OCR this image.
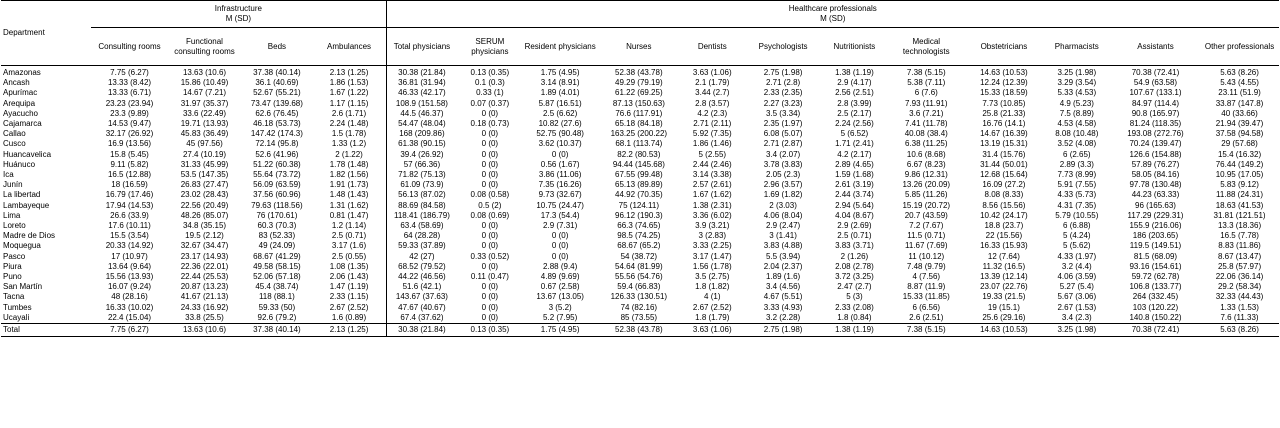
Department	Infrastructure
M (SD)				Healthcare professionals
M (SD)											
	Consulting rooms	Functional consulting rooms	Beds	Ambulances	Total physicians	SERUM physicians	Resident physicians	Nurses	Dentists	Psychologists	Nutritionists	Medical technologists	Obstetricians	Pharmacists	Assistants	Other professionals
Amazonas	7.75 (6.27)	13.63 (10.6)	37.38 (40.14)	2.13 (1.25)	30.38 (21.84)	0.13 (0.35)	1.75 (4.95)	52.38 (43.78)	3.63 (1.06)	2.75 (1.98)	1.38 (1.19)	7.38 (5.15)	14.63 (10.53)	3.25 (1.98)	70.38 (72.41)	5.63 (8.26)
Ancash	13.33 (8.42)	15.86 (10.49)	36.1 (40.69)	1.86 (1.53)	36.81 (31.94)	0.1 (0.3)	3.14 (8.91)	49.29 (79.19)	2.1 (1.79)	2.71 (2.8)	2.9 (4.17)	5.38 (7.11)	12.24 (12.39)	3.29 (3.54)	54.9 (63.58)	5.43 (4.55)
Apurímac	13.33 (6.71)	14.67 (7.21)	52.67 (55.21)	1.67 (1.22)	46.33 (42.17)	0.33 (1)	1.89 (4.01)	61.22 (69.25)	3.44 (2.7)	2.33 (2.35)	2.56 (2.51)	6 (7.6)	15.33 (18.59)	5.33 (4.53)	107.67 (133.1)	23.11 (51.9)
Arequipa	23.23 (23.94)	31.97 (35.37)	73.47 (139.68)	1.17 (1.15)	108.9 (151.58)	0.07 (0.37)	5.87 (16.51)	87.13 (150.63)	2.8 (3.57)	2.27 (3.23)	2.8 (3.99)	7.93 (11.91)	7.73 (10.85)	4.9 (5.23)	84.97 (114.4)	33.87 (147.8)
Ayacucho	23.3 (9.89)	33.6 (22.49)	62.6 (76.45)	2.6 (1.71)	44.5 (46.37)	0 (0)	2.5 (6.62)	76.6 (117.91)	4.2 (2.3)	3.5 (3.34)	2.5 (2.17)	3.6 (7.21)	25.8 (21.33)	7.5 (8.89)	90.8 (165.97)	40 (33.66)
Cajamarca	14.53 (9.47)	19.71 (13.93)	46.18 (53.73)	2.24 (1.48)	54.47 (48.04)	0.18 (0.73)	10.82 (27.6)	65.18 (84.18)	2.71 (2.11)	2.35 (1.97)	2.24 (2.56)	7.41 (11.78)	16.76 (14.1)	4.53 (4.58)	81.24 (118.35)	21.94 (39.47)
Callao	32.17 (26.92)	45.83 (36.49)	147.42 (174.3)	1.5 (1.78)	168 (209.86)	0 (0)	52.75 (90.48)	163.25 (200.22)	5.92 (7.35)	6.08 (5.07)	5 (6.52)	40.08 (38.4)	14.67 (16.39)	8.08 (10.48)	193.08 (272.76)	37.58 (94.58)
Cusco	16.9 (13.56)	45 (97.56)	72.14 (95.8)	1.33 (1.2)	61.38 (90.15)	0 (0)	3.62 (10.37)	68.1 (113.74)	1.86 (1.46)	2.71 (2.87)	1.71 (2.41)	6.38 (11.25)	13.19 (15.31)	3.52 (4.08)	70.24 (139.47)	29 (57.68)
Huancavelica	15.8 (5.45)	27.4 (10.19)	52.6 (41.96)	2 (1.22)	39.4 (26.92)	0 (0)	0 (0)	82.2 (80.53)	5 (2.55)	3.4 (2.07)	4.2 (2.17)	10.6 (8.68)	31.4 (15.76)	6 (2.65)	126.6 (154.88)	15.4 (16.32)
Huánuco	9.11 (5.82)	31.33 (45.99)	51.22 (60.38)	1.78 (1.48)	57 (66.36)	0 (0)	0.56 (1.67)	94.44 (145.68)	2.44 (2.46)	3.78 (3.83)	2.89 (4.65)	6.67 (8.23)	31.44 (50.01)	2.89 (3.3)	57.89 (76.27)	76.44 (149.2)
Ica	16.5 (12.88)	53.5 (147.35)	55.64 (73.72)	1.82 (1.56)	71.82 (75.13)	0 (0)	3.86 (11.06)	67.55 (99.48)	3.14 (3.38)	2.05 (2.3)	1.59 (1.68)	9.86 (12.31)	12.68 (15.64)	7.73 (8.99)	58.05 (84.16)	10.95 (17.05)
Junín	18 (16.59)	26.83 (27.47)	56.09 (63.59)	1.91 (1.73)	61.09 (73.9)	0 (0)	7.35 (16.26)	65.13 (89.89)	2.57 (2.61)	2.96 (3.57)	2.61 (3.19)	13.26 (20.09)	16.09 (27.2)	5.91 (7.55)	97.78 (130.48)	5.83 (9.12)
La libertad	16.79 (17.46)	23.02 (28.43)	37.56 (60.96)	1.48 (1.43)	56.13 (87.02)	0.08 (0.58)	9.73 (32.67)	44.92 (70.35)	1.67 (1.62)	1.69 (1.82)	2.44 (3.74)	5.85 (11.26)	8.08 (8.33)	4.33 (5.73)	44.23 (63.33)	11.88 (24.31)
Lambayeque	17.94 (14.53)	22.56 (20.49)	79.63 (118.56)	1.31 (1.62)	88.69 (84.58)	0.5 (2)	10.75 (24.47)	75 (124.11)	1.38 (2.31)	2 (3.03)	2.94 (5.64)	15.19 (20.72)	8.56 (15.56)	4.31 (7.35)	96 (165.63)	18.63 (41.53)
Lima	26.6 (33.9)	48.26 (85.07)	76 (170.61)	0.81 (1.47)	118.41 (186.79)	0.08 (0.69)	17.3 (54.4)	96.12 (190.3)	3.36 (6.02)	4.06 (8.04)	4.04 (8.67)	20.7 (43.59)	10.42 (24.17)	5.79 (10.55)	117.29 (229.31)	31.81 (121.51)
Loreto	17.6 (10.11)	34.8 (35.15)	60.3 (70.3)	1.2 (1.14)	63.4 (58.69)	0 (0)	2.9 (7.31)	66.3 (74.65)	3.9 (3.21)	2.9 (2.47)	2.9 (2.69)	7.2 (7.67)	18.8 (23.7)	6 (6.88)	155.9 (216.06)	13.3 (18.36)
Madre de Dios	15.5 (3.54)	19.5 (2.12)	83 (52.33)	2.5 (0.71)	64 (28.28)	0 (0)	0 (0)	98.5 (74.25)	3 (2.83)	3 (1.41)	2.5 (0.71)	11.5 (0.71)	22 (15.56)	5 (4.24)	186 (203.65)	16.5 (7.78)
Moquegua	20.33 (14.92)	32.67 (34.47)	49 (24.09)	3.17 (1.6)	59.33 (37.89)	0 (0)	0 (0)	68.67 (65.2)	3.33 (2.25)	3.83 (4.88)	3.83 (3.71)	11.67 (7.69)	16.33 (15.93)	5 (5.62)	119.5 (149.51)	8.83 (11.86)
Pasco	17 (10.97)	23.17 (14.93)	68.67 (41.29)	2.5 (0.55)	42 (27)	0.33 (0.52)	0 (0)	54 (38.72)	3.17 (1.47)	5.5 (3.94)	2 (1.26)	11 (10.12)	12 (7.64)	4.33 (1.97)	81.5 (68.09)	8.67 (13.47)
Piura	13.64 (9.64)	22.36 (22.01)	49.58 (58.15)	1.08 (1.35)	68.52 (79.52)	0 (0)	2.88 (9.4)	54.64 (81.99)	1.56 (1.78)	2.04 (2.37)	2.08 (2.78)	7.48 (9.79)	11.32 (16.5)	3.2 (4.4)	93.16 (154.61)	25.8 (57.97)
Puno	15.56 (13.93)	22.44 (25.53)	52.06 (57.18)	2.06 (1.43)	44.22 (46.56)	0.11 (0.47)	4.89 (9.69)	55.56 (54.76)	3.5 (2.75)	1.89 (1.6)	3.72 (3.25)	4 (7.56)	13.39 (12.14)	4.06 (3.59)	59.72 (62.78)	22.06 (36.14)
San Martín	16.07 (9.24)	20.87 (13.23)	45.4 (38.74)	1.47 (1.19)	51.6 (42.1)	0 (0)	0.67 (2.58)	59.4 (66.83)	1.8 (1.82)	3.4 (4.56)	2.47 (2.7)	8.87 (11.9)	23.07 (22.76)	5.27 (5.4)	106.8 (133.77)	29.2 (58.34)
Tacna	48 (28.16)	41.67 (21.13)	118 (88.1)	2.33 (1.15)	143.67 (37.63)	0 (0)	13.67 (13.05)	126.33 (130.51)	4 (1)	4.67 (5.51)	5 (3)	15.33 (11.85)	19.33 (21.5)	5.67 (3.06)	264 (332.45)	32.33 (44.43)
Tumbes	16.33 (10.02)	24.33 (16.92)	59.33 (50)	2.67 (2.52)	47.67 (40.67)	0 (0)	3 (5.2)	74 (82.16)	2.67 (2.52)	3.33 (4.93)	2.33 (2.08)	6 (6.56)	19 (15.1)	2.67 (1.53)	103 (120.22)	1.33 (1.53)
Ucayali	22.4 (15.04)	33.8 (25.5)	92.6 (79.2)	1.6 (0.89)	67.4 (37.62)	0 (0)	5.2 (7.95)	85 (73.55)	1.8 (1.79)	3.2 (2.28)	1.8 (0.84)	2.6 (2.51)	25.6 (29.16)	3.4 (2.3)	140.8 (150.22)	7.6 (11.33)
Total	7.75 (6.27)	13.63 (10.6)	37.38 (40.14)	2.13 (1.25)	30.38 (21.84)	0.13 (0.35)	1.75 (4.95)	52.38 (43.78)	3.63 (1.06)	2.75 (1.98)	1.38 (1.19)	7.38 (5.15)	14.63 (10.53)	3.25 (1.98)	70.38 (72.41)	5.63 (8.26)
